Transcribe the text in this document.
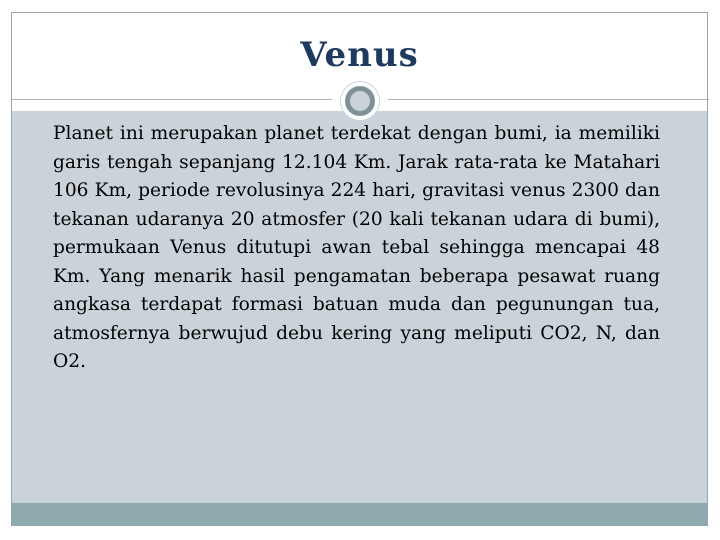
Venus

Planet ini merupakan planet terdekat dengan bumi, ia memiliki garis tengah sepanjang 12.104 Km. Jarak rata-rata ke Matahari 106 Km, periode revolusinya 224 hari, gravitasi venus 2300 dan tekanan udaranya 20 atmosfer (20 kali tekanan udara di bumi), permukaan Venus ditutupi awan tebal sehingga mencapai 48 Km. Yang menarik hasil pengamatan beberapa pesawat ruang angkasa terdapat formasi batuan muda dan pegunungan tua, atmosfernya berwujud debu kering yang meliputi CO2, N, dan O2.
